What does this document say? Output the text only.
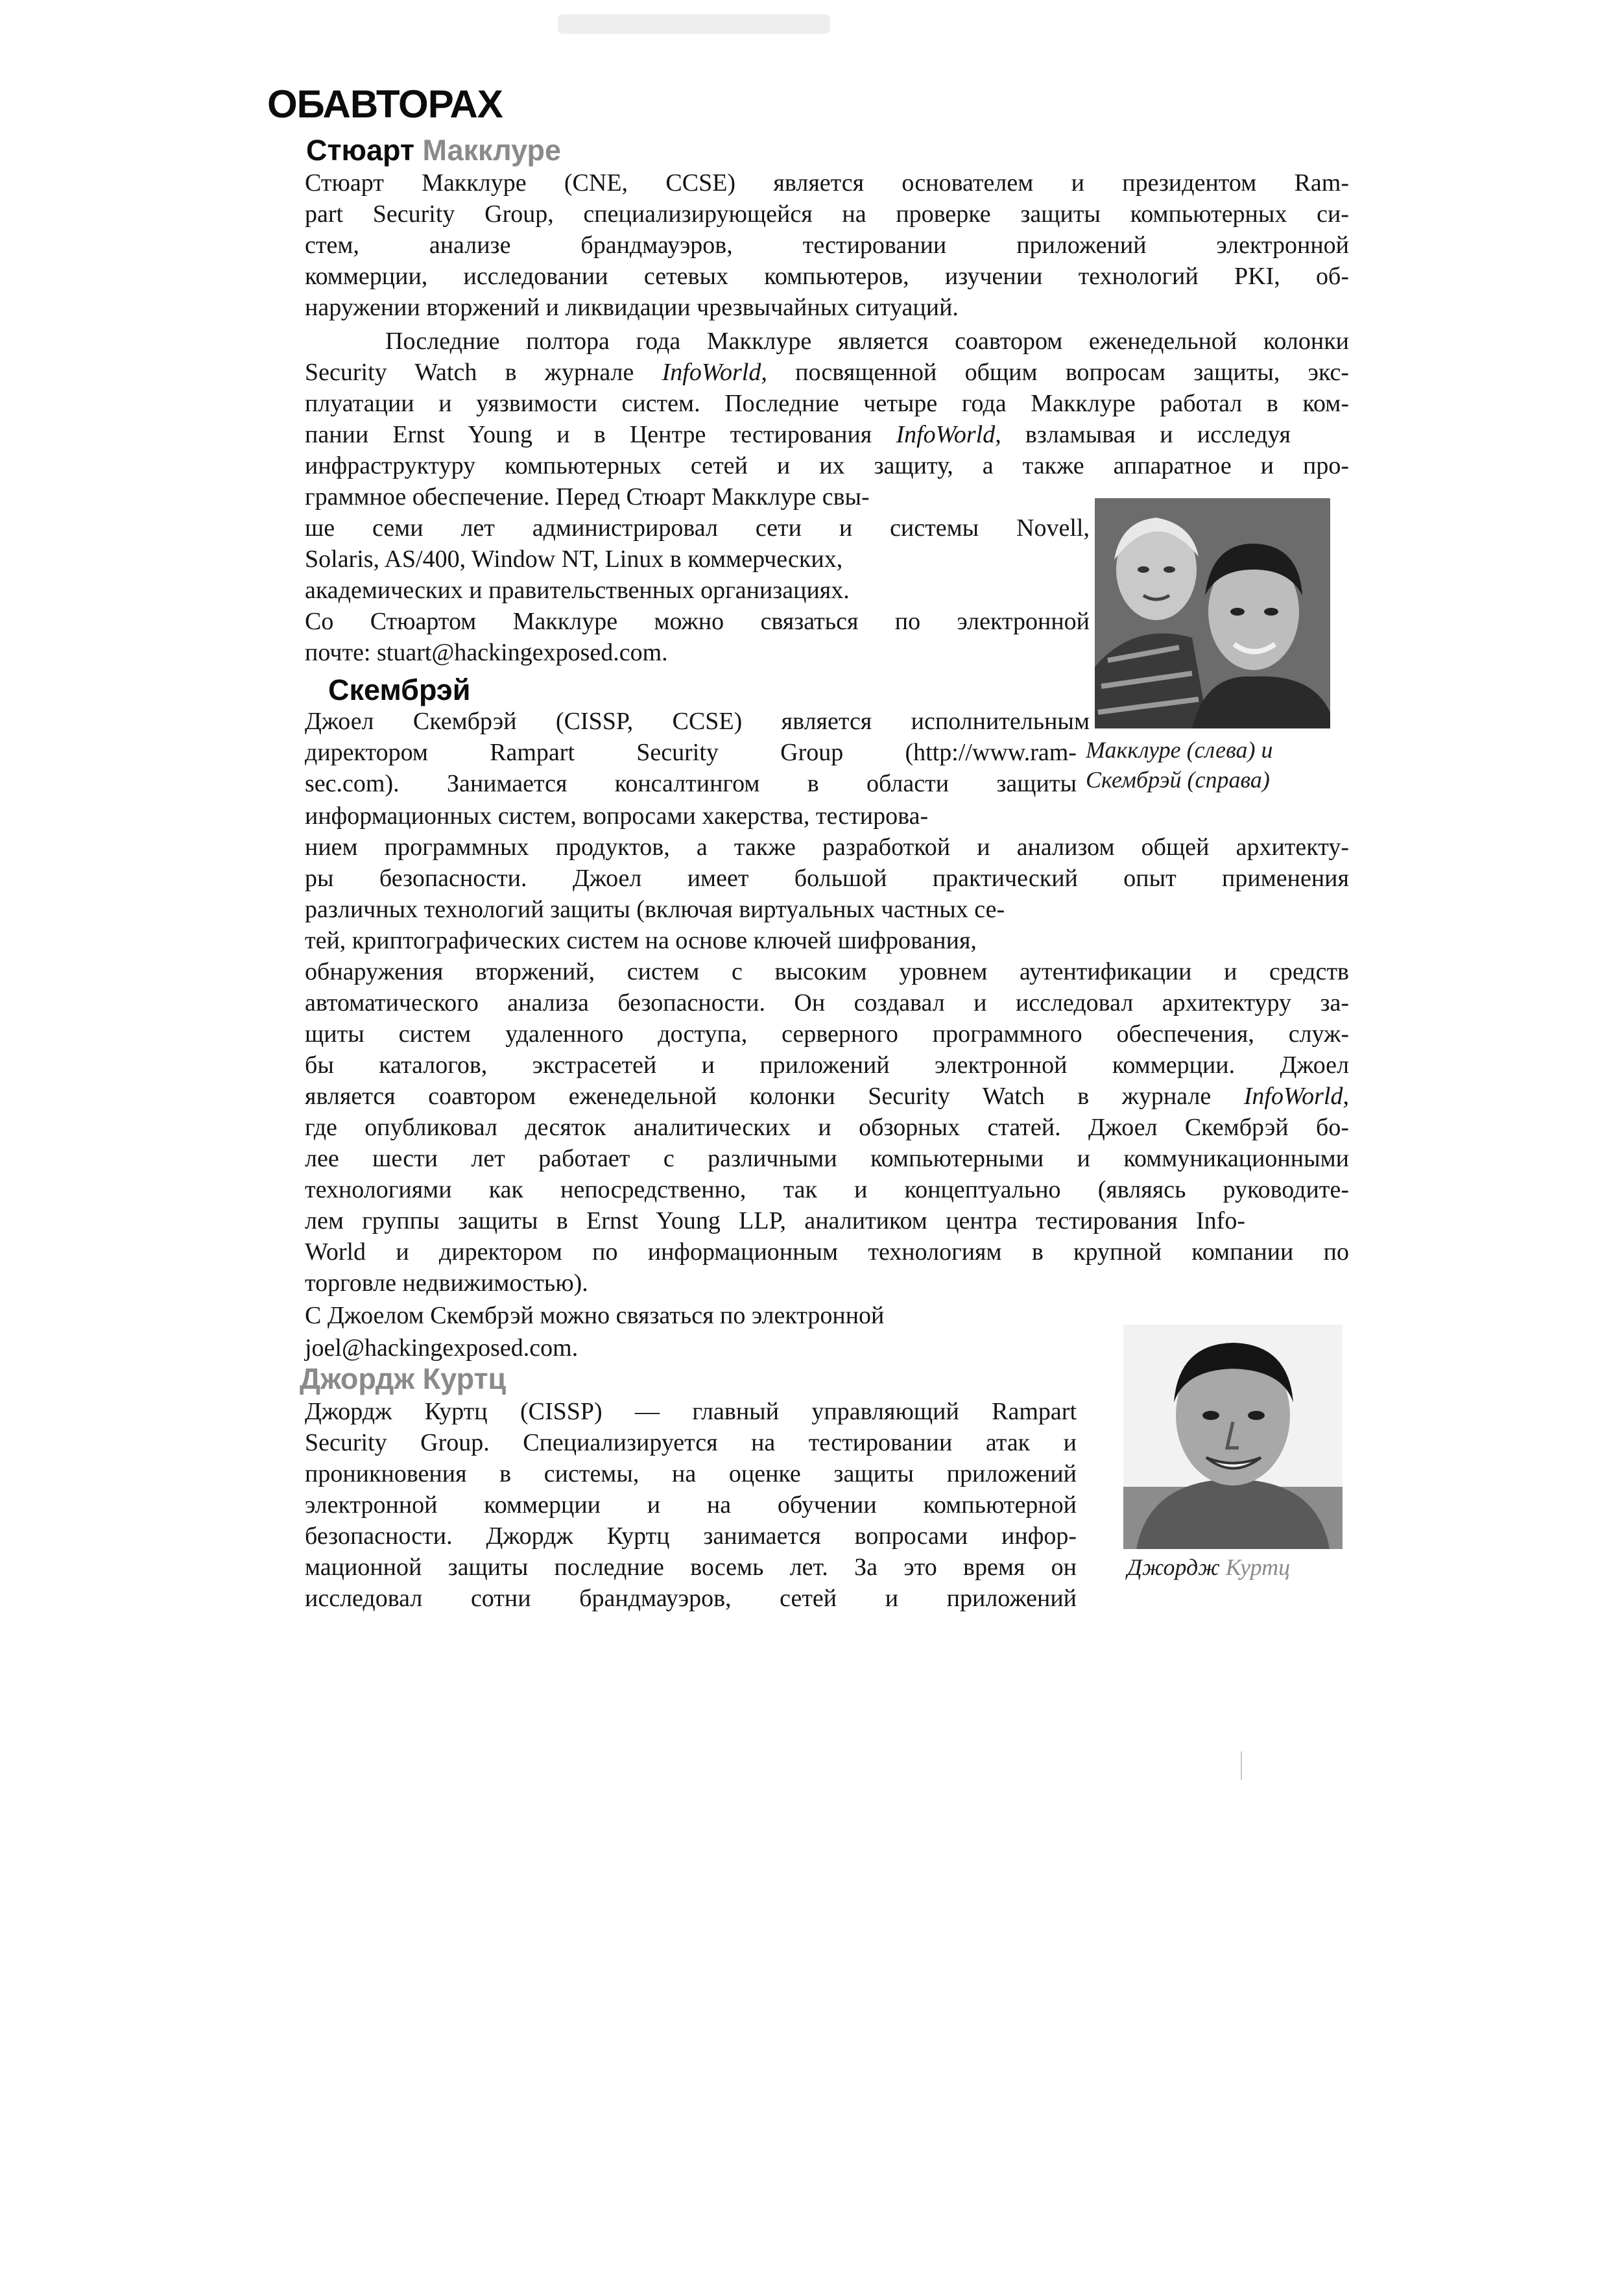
ОБАВТОРАХ
Стюарт Макклуре
Стюарт Макклуре (CNE, CCSE) является основателем и президентом Ram-
part Security Group, специализирующейся на проверке защиты компьютерных си-
стем, анализе брандмауэров, тестировании приложений электронной
коммерции, исследовании сетевых компьютеров, изучении технологий PKI, об-
наружении вторжений и ликвидации чрезвычайных ситуаций.
Последние полтора года Макклуре является соавтором еженедельной колонки
Security Watch в журнале InfoWorld, посвященной общим вопросам защиты, экс-
плуатации и уязвимости систем. Последние четыре года Макклуре работал в ком-
пании Ernst Young и в Центре тестирования InfoWorld, взламывая и исследуя
инфраструктуру компьютерных сетей и их защиту, а также аппаратное и про-
граммное обеспечение. Перед Стюарт Макклуре свы-
ше семи лет администрировал сети и системы Novell,
Solaris, AS/400, Window NT, Linux в коммерческих,
академических и правительственных организациях.
Со Стюартом Макклуре можно связаться по электронной
почте: stuart@hackingexposed.com.
Макклуре (слева) и
Скембрэй (справа)
Скембрэй
Джоел Скембрэй (CISSP, CCSE) является исполнительным
директором Rampart Security Group (http://www.ram-
sec.com). Занимается консалтингом в области защиты
информационных систем, вопросами хакерства, тестирова-
нием программных продуктов, а также разработкой и анализом общей архитекту-
ры безопасности. Джоел имеет большой практический опыт применения
различных технологий защиты (включая виртуальных частных се-
тей, криптографических систем на основе ключей шифрования,
обнаружения вторжений, систем с высоким уровнем аутентификации и средств
автоматического анализа безопасности. Он создавал и исследовал архитектуру за-
щиты систем удаленного доступа, серверного программного обеспечения, служ-
бы каталогов, экстрасетей и приложений электронной коммерции. Джоел
является соавтором еженедельной колонки Security Watch в журнале InfoWorld,
где опубликовал десяток аналитических и обзорных статей. Джоел Скембрэй бо-
лее шести лет работает с различными компьютерными и коммуникационными
технологиями как непосредственно, так и концептуально (являясь руководите-
лем группы защиты в Ernst Young LLP, аналитиком центра тестирования Info-
World и директором по информационным технологиям в крупной компании по
торговле недвижимостью).
С Джоелом Скембрэй можно связаться по электронной
joel@hackingexposed.com.
Джордж Куртц
Джордж Куртц (CISSP) — главный управляющий Rampart
Security Group. Специализируется на тестировании атак и
проникновения в системы, на оценке защиты приложений
электронной коммерции и на обучении компьютерной
безопасности. Джордж Куртц занимается вопросами инфор-
мационной защиты последние восемь лет. За это время он
исследовал сотни брандмауэров, сетей и приложений
Джордж Куртц
